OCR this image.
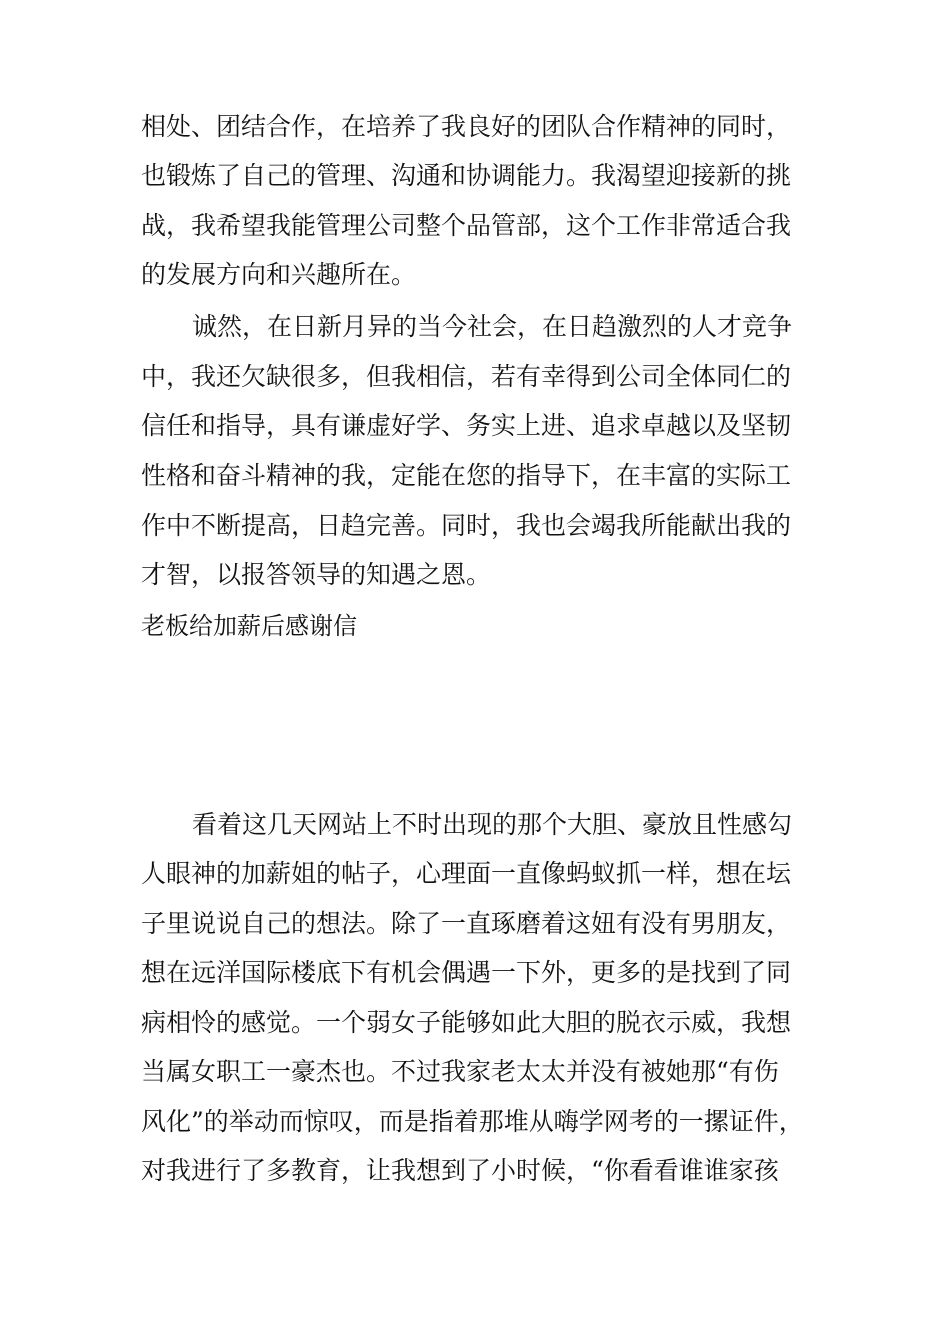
相处、团结合作，在培养了我良好的团队合作精神的同时，
也锻炼了自己的管理、沟通和协调能力。我渴望迎接新的挑
战，我希望我能管理公司整个品管部，这个工作非常适合我
的发展方向和兴趣所在。
诚然，在日新月异的当今社会，在日趋激烈的人才竞争
中，我还欠缺很多，但我相信，若有幸得到公司全体同仁的
信任和指导，具有谦虚好学、务实上进、追求卓越以及坚韧
性格和奋斗精神的我，定能在您的指导下，在丰富的实际工
作中不断提高，日趋完善。同时，我也会竭我所能献出我的
才智，以报答领导的知遇之恩。
老板给加薪后感谢信
看着这几天网站上不时出现的那个大胆、豪放且性感勾
人眼神的加薪姐的帖子，心理面一直像蚂蚁抓一样，想在坛
子里说说自己的想法。除了一直琢磨着这妞有没有男朋友，
想在远洋国际楼底下有机会偶遇一下外，更多的是找到了同
病相怜的感觉。一个弱女子能够如此大胆的脱衣示威，我想
当属女职工一豪杰也。不过我家老太太并没有被她那“有伤
风化”的举动而惊叹，而是指着那堆从嗨学网考的一摞证件，
对我进行了多教育，让我想到了小时候，“你看看谁谁家孩
